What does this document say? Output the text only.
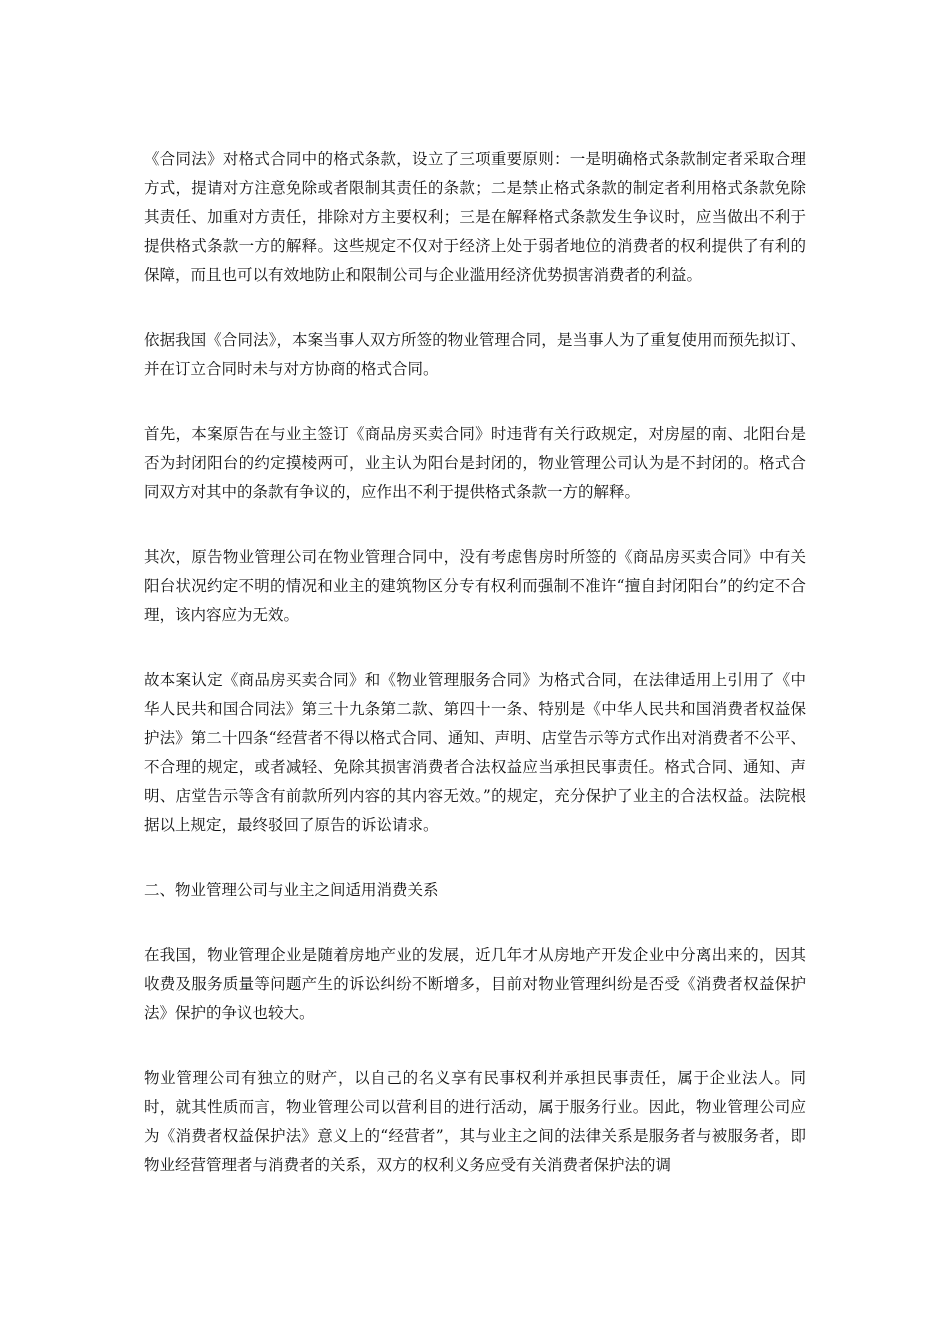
《合同法》对格式合同中的格式条款，设立了三项重要原则：一是明确格式条款制定者采取合理方式，提请对方注意免除或者限制其责任的条款；二是禁止格式条款的制定者利用格式条款免除其责任、加重对方责任，排除对方主要权利；三是在解释格式条款发生争议时，应当做出不利于提供格式条款一方的解释。这些规定不仅对于经济上处于弱者地位的消费者的权利提供了有利的保障，而且也可以有效地防止和限制公司与企业滥用经济优势损害消费者的利益。

依据我国《合同法》，本案当事人双方所签的物业管理合同，是当事人为了重复使用而预先拟订、并在订立合同时未与对方协商的格式合同。

首先，本案原告在与业主签订《商品房买卖合同》时违背有关行政规定，对房屋的南、北阳台是否为封闭阳台的约定摸棱两可，业主认为阳台是封闭的，物业管理公司认为是不封闭的。格式合同双方对其中的条款有争议的，应作出不利于提供格式条款一方的解释。

其次，原告物业管理公司在物业管理合同中，没有考虑售房时所签的《商品房买卖合同》中有关阳台状况约定不明的情况和业主的建筑物区分专有权利而强制不准许“擅自封闭阳台”的约定不合理，该内容应为无效。

故本案认定《商品房买卖合同》和《物业管理服务合同》为格式合同，在法律适用上引用了《中华人民共和国合同法》第三十九条第二款、第四十一条、特别是《中华人民共和国消费者权益保护法》第二十四条“经营者不得以格式合同、通知、声明、店堂告示等方式作出对消费者不公平、不合理的规定，或者减轻、免除其损害消费者合法权益应当承担民事责任。格式合同、通知、声明、店堂告示等含有前款所列内容的其内容无效。”的规定，充分保护了业主的合法权益。法院根据以上规定，最终驳回了原告的诉讼请求。

二、物业管理公司与业主之间适用消费关系

在我国，物业管理企业是随着房地产业的发展，近几年才从房地产开发企业中分离出来的，因其收费及服务质量等问题产生的诉讼纠纷不断增多，目前对物业管理纠纷是否受《消费者权益保护法》保护的争议也较大。

物业管理公司有独立的财产，以自己的名义享有民事权利并承担民事责任，属于企业法人。同时，就其性质而言，物业管理公司以营利目的进行活动，属于服务行业。因此，物业管理公司应为《消费者权益保护法》意义上的“经营者”，其与业主之间的法律关系是服务者与被服务者，即物业经营管理者与消费者的关系，双方的权利义务应受有关消费者保护法的调
